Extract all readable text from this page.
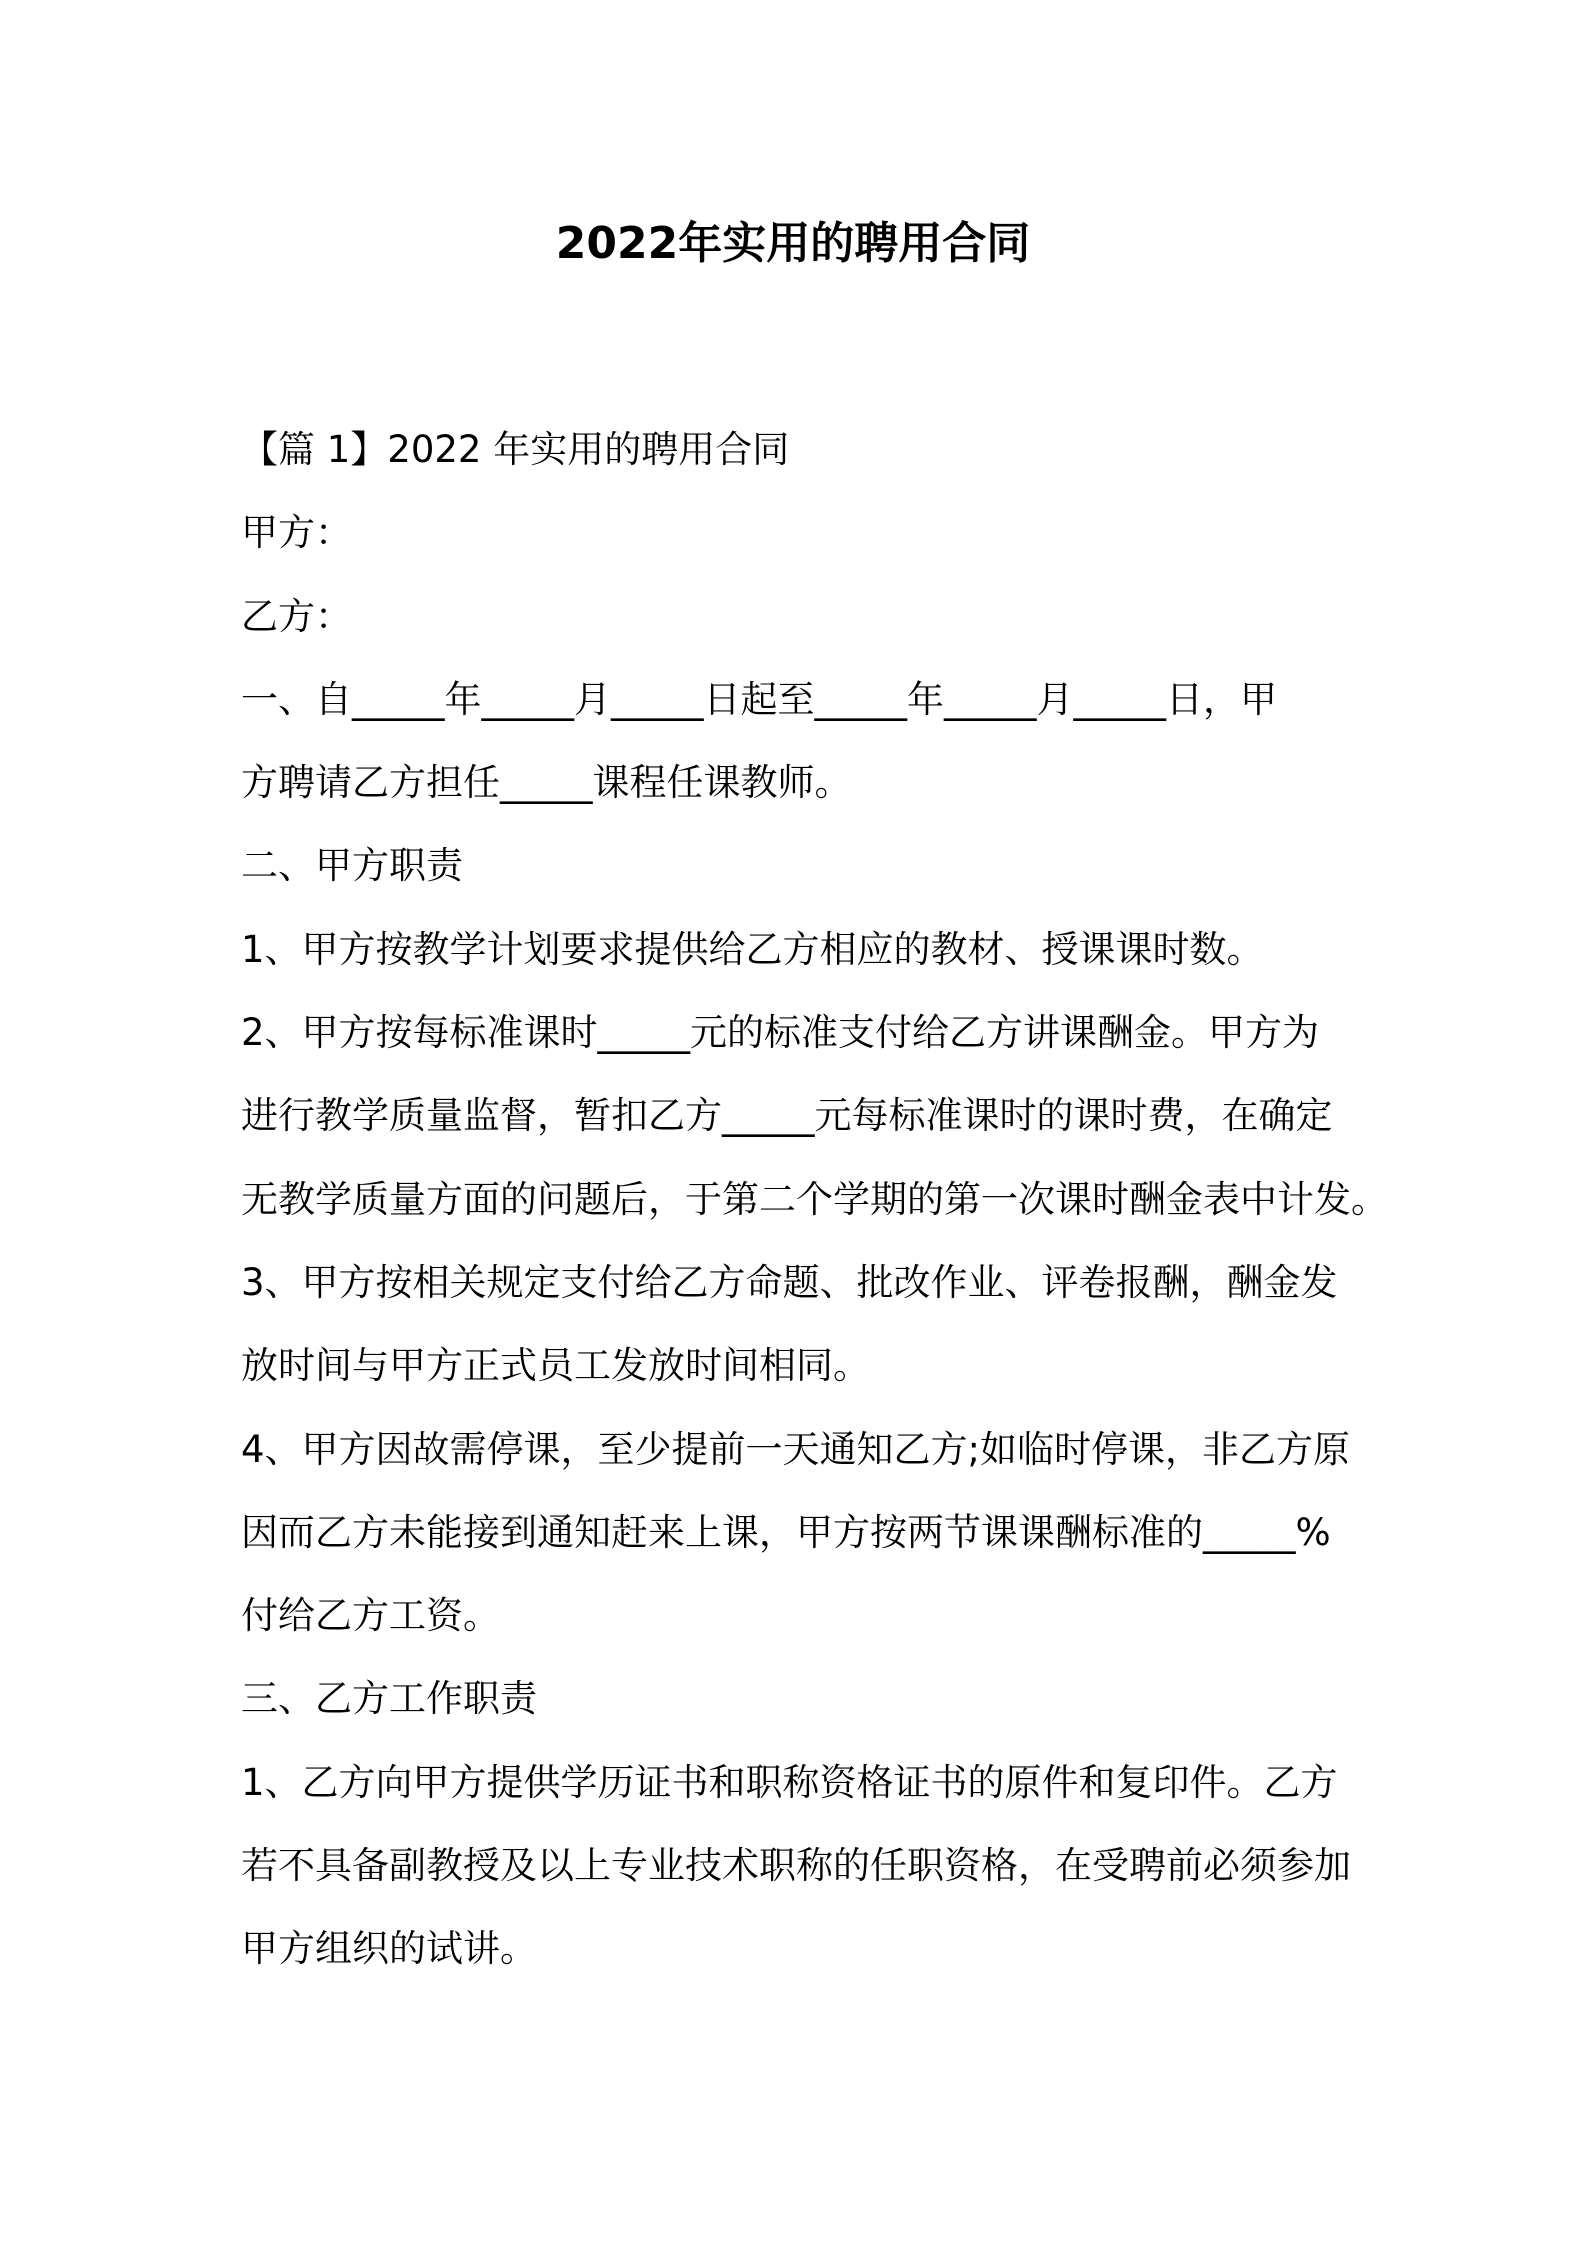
2022年实用的聘用合同

【篇 1】2022 年实用的聘用合同

甲方：

乙方：

一、自_____年_____月_____日起至_____年_____月_____日，甲

方聘请乙方担任_____课程任课教师。

二、甲方职责

1、甲方按教学计划要求提供给乙方相应的教材、授课课时数。

2、甲方按每标准课时_____元的标准支付给乙方讲课酬金。甲方为

进行教学质量监督，暂扣乙方_____元每标准课时的课时费，在确定

无教学质量方面的问题后，于第二个学期的第一次课时酬金表中计发。

3、甲方按相关规定支付给乙方命题、批改作业、评卷报酬，酬金发

放时间与甲方正式员工发放时间相同。

4、甲方因故需停课，至少提前一天通知乙方;如临时停课，非乙方原

因而乙方未能接到通知赶来上课，甲方按两节课课酬标准的_____%

付给乙方工资。

三、乙方工作职责

1、乙方向甲方提供学历证书和职称资格证书的原件和复印件。乙方

若不具备副教授及以上专业技术职称的任职资格，在受聘前必须参加

甲方组织的试讲。
